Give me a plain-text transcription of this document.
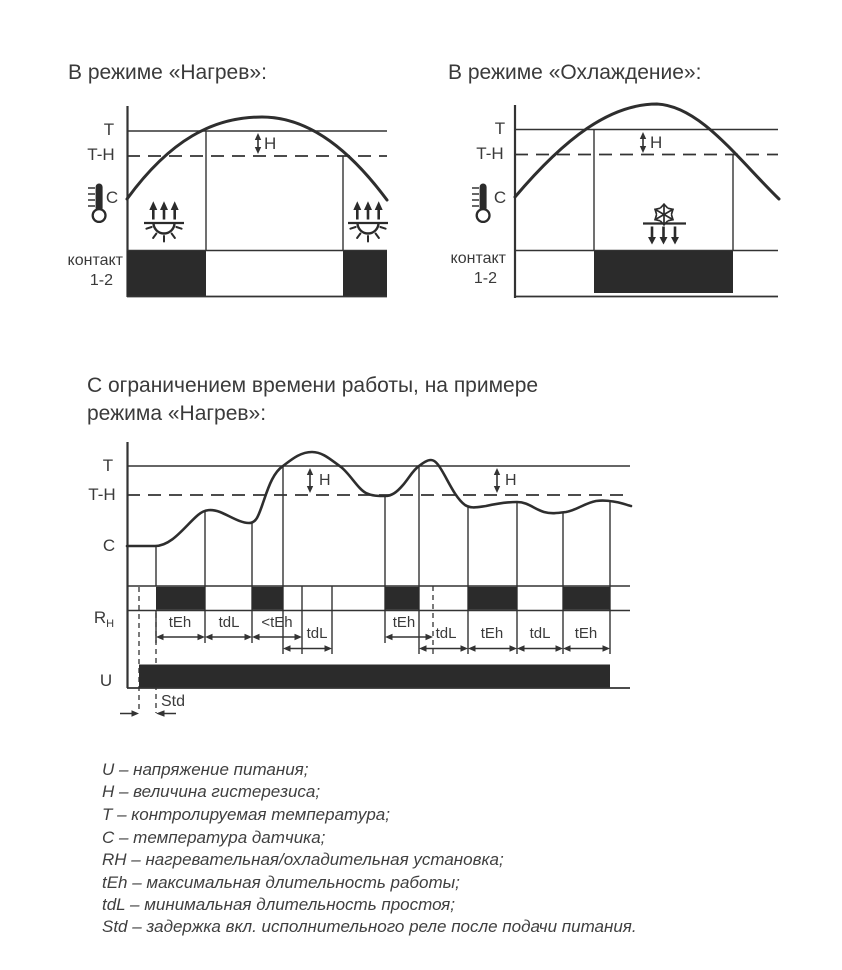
В режиме «Нагрев»:
T
T-H
C
H
контакт
1-2
В режиме «Охлаждение»:
T
T-H
C
H
контакт
1-2
С ограничением времени работы, на примере
режима «Нагрев»:
T
T-H
C
$R_H$
U
H	H
Std
tEh tdL <tEh	tEh
tdL	tdL tEh tdL tEh
U – напряжение питания;
H – величина гистерезиса;
T – контролируемая температура;
C – температура датчика;
RH – нагревательная/охладительная установка;
tEh – максимальная длительность работы;
tdL – минимальная длительность простоя;
Std – задержка вкл. исполнительного реле после подачи питания.
